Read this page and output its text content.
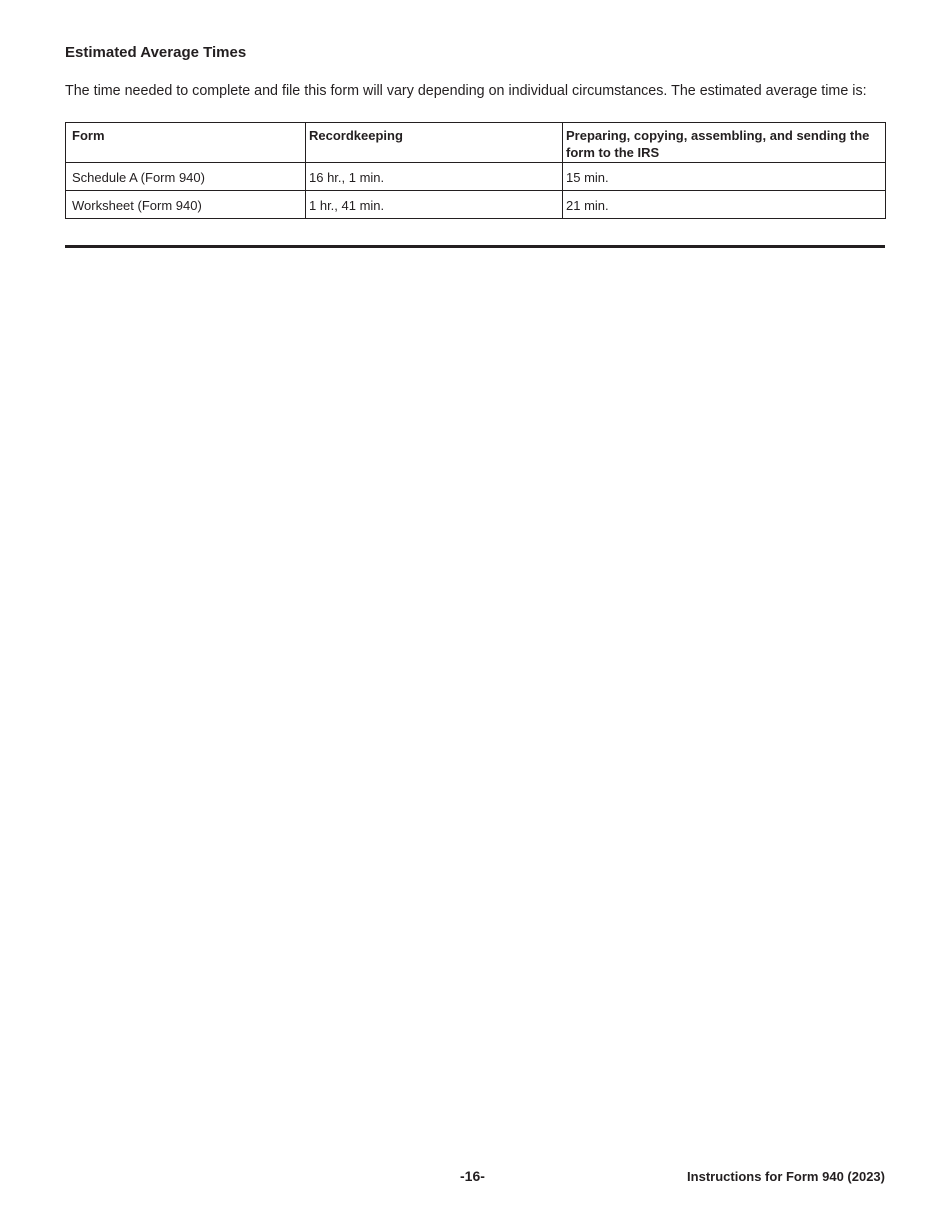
Estimated Average Times

The time needed to complete and file this form will vary depending on individual circumstances. The estimated average time is:

Form	Recordkeeping	Preparing, copying, assembling, and sending the form to the IRS
Schedule A (Form 940)	16 hr., 1 min.	15 min.
Worksheet (Form 940)	1 hr., 41 min.	21 min.
-16-	Instructions for Form 940 (2023)
